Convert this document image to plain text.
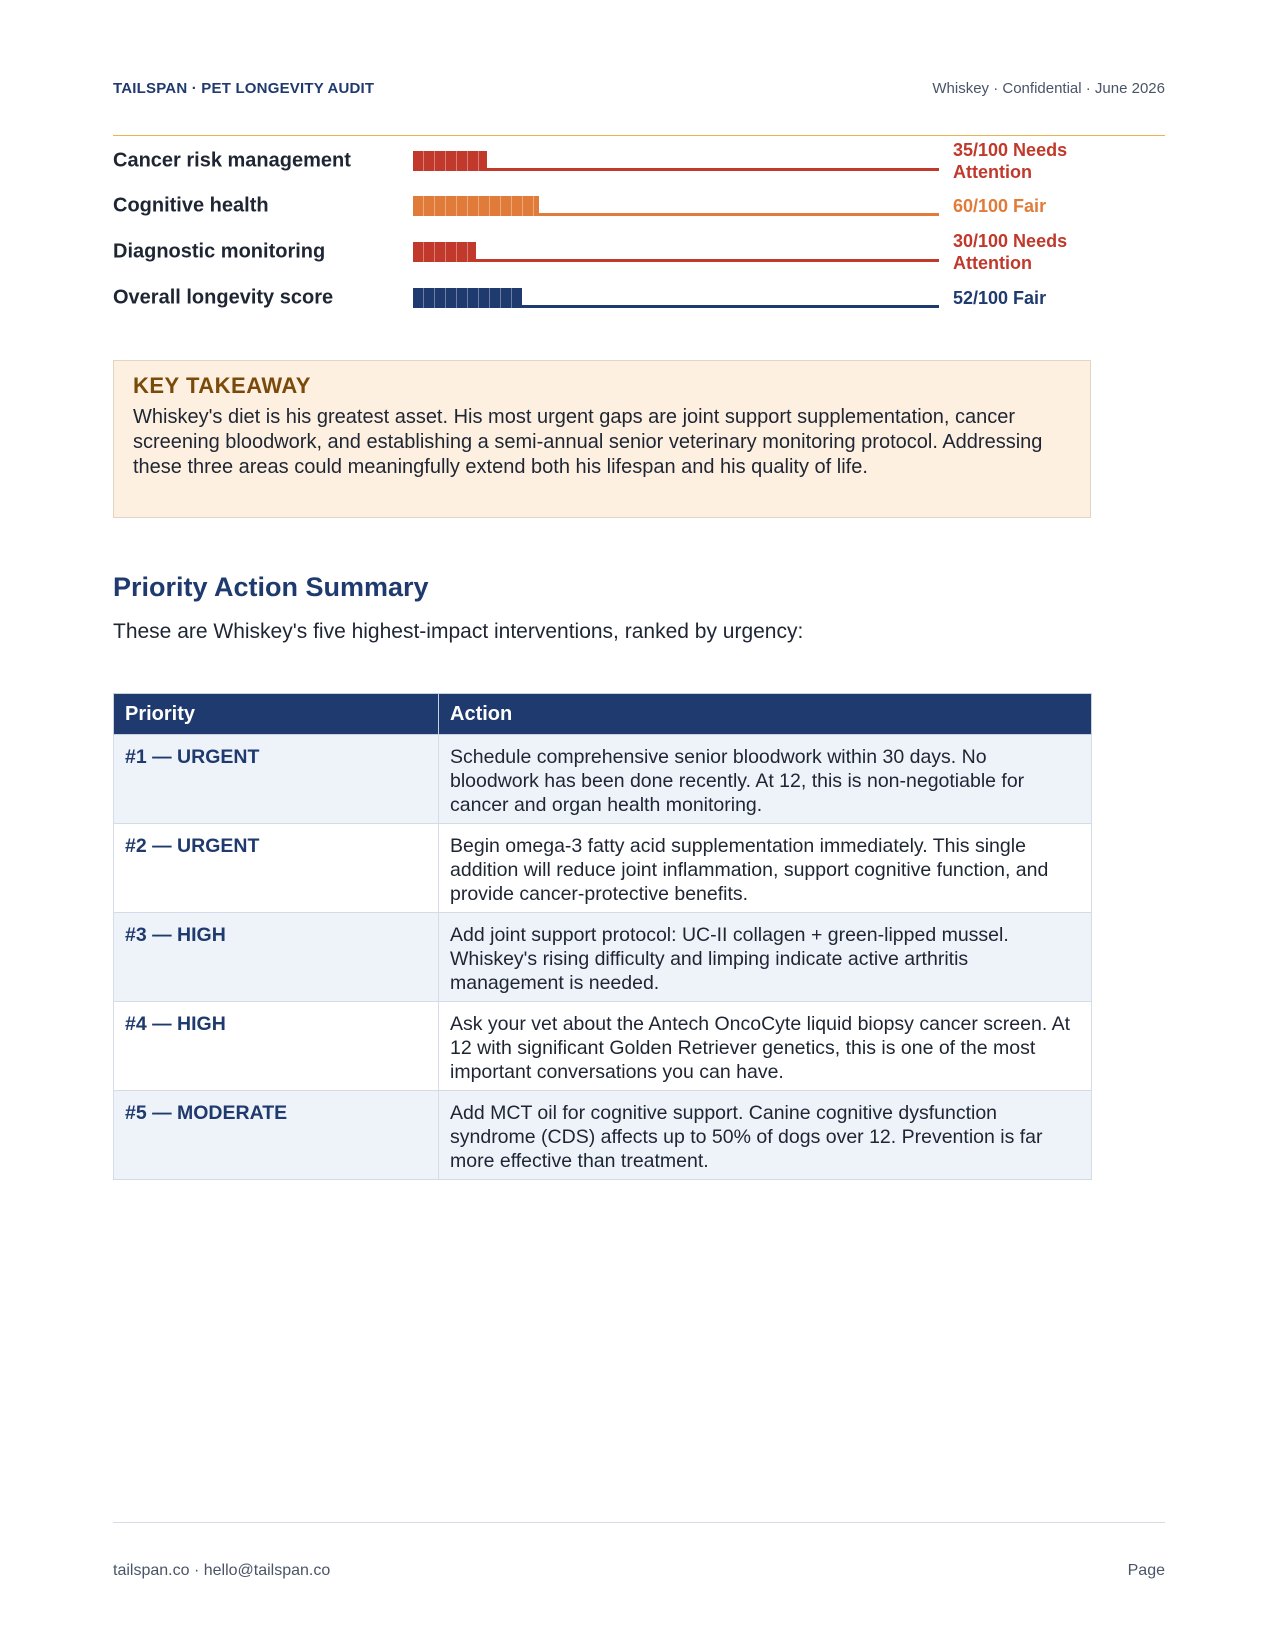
TAILSPAN · PET LONGEVITY AUDIT	Whiskey · Confidential · June 2026
Cancer risk management	35/100 Needs Attention
Cognitive health	60/100 Fair
Diagnostic monitoring	30/100 Needs Attention
Overall longevity score	52/100 Fair

KEY TAKEAWAY

Whiskey's diet is his greatest asset. His most urgent gaps are joint support supplementation, cancer screening bloodwork, and establishing a semi-annual senior veterinary monitoring protocol. Addressing these three areas could meaningfully extend both his lifespan and his quality of life.

Priority Action Summary

These are Whiskey's five highest-impact interventions, ranked by urgency:

Priority	Action
#1 — URGENT	Schedule comprehensive senior bloodwork within 30 days. No bloodwork has been done recently. At 12, this is non-negotiable for cancer and organ health monitoring.
#2 — URGENT	Begin omega-3 fatty acid supplementation immediately. This single addition will reduce joint inflammation, support cognitive function, and provide cancer-protective benefits.
#3 — HIGH	Add joint support protocol: UC-II collagen + green-lipped mussel. Whiskey's rising difficulty and limping indicate active arthritis management is needed.
#4 — HIGH	Ask your vet about the Antech OncoCyte liquid biopsy cancer screen. At 12 with significant Golden Retriever genetics, this is one of the most important conversations you can have.
#5 — MODERATE	Add MCT oil for cognitive support. Canine cognitive dysfunction syndrome (CDS) affects up to 50% of dogs over 12. Prevention is far more effective than treatment.
tailspan.co · hello@tailspan.co	Page
